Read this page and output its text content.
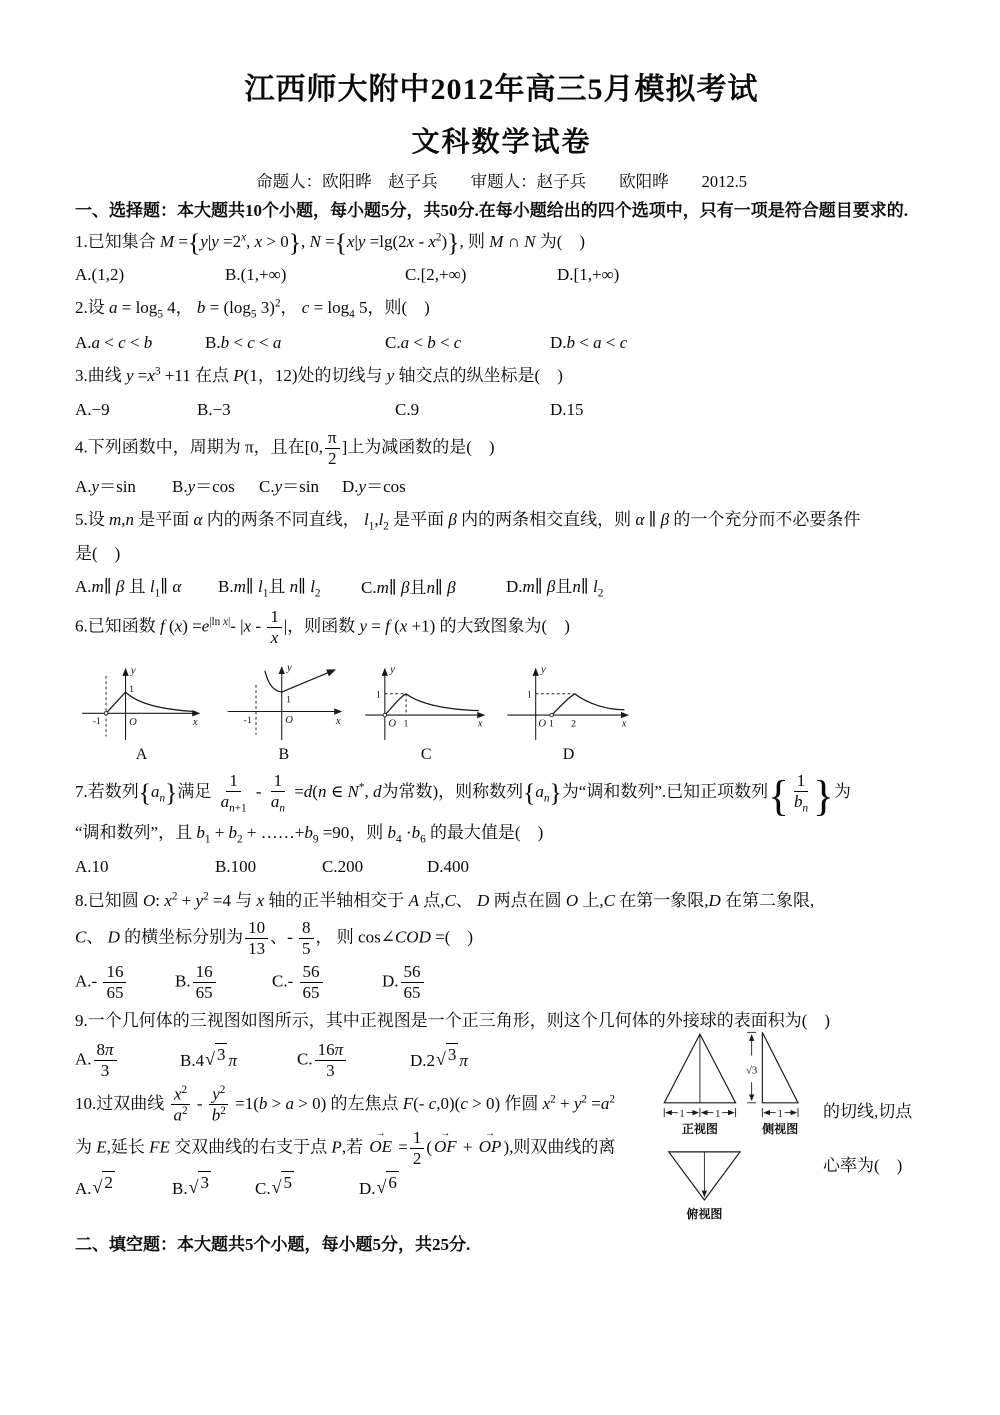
江西师大附中2012年高三5月模拟考试
文科数学试卷
命题人：欧阳晔　赵子兵　　审题人：赵子兵　　欧阳晔　　2012.5
一、选择题：本大题共10个小题，每小题5分，共50分.在每小题给出的四个选项中，只有一项是符合题目要求的.
1.已知集合 $M =\{y|y =2^x$, x > 0}, $N =\{x|y =\lg(2x - x^2)\}$, 则 M ∩ N 为(　)
A.(1,2)	B.(1,+∞)	C.[2,+∞)	D.[1,+∞)
2.设 $a = \log_5 4$， $b = (\log_5$ 3)$^2$， $c = \log_4 5$，则(　)
A.a < c < b	B.b < c < a	C.a < b < c	D.b < a < c
3.曲线 $y =x^3 +11$ 在点 P(1，12)处的切线与 y 轴交点的纵坐标是(　)
A.−9	B.−3	C.9	D.15
4.下列函数中，周期为 π，且在[0, $\frac{\pi}{2}$ ]上为减函数的是(　)
A.y＝sin	B.y＝cos	C.y＝sin	D.y＝cos
5.设 m,n 是平面 α 内的两条不同直线， $l_1,l_2$ 是平面 β 内的两条相交直线，则 α ∥ β 的一个充分而不必要条件
是(　)
A.m∥ β 且 $l_1\parallel$ α	B.m∥ $l_1$且 n∥ $l_2$	C.m∥ β且n∥ β	D.m∥ β且n∥ $l_2$
6.已知函数 f $(x) =e^{|ln x|}-$ $|x - \frac{1}{x}$ |，则函数 y = f (x +1) 的大致图象为(　)
y
x
O
1
-1
A
y
x
O
1
-1
B
y
x
O
1
1
C
y
x
O
1
1 2
D
7.若数列$\{a_n\}$满足 $\frac{1}{a_{n+1}} - \frac{1}{a_n} =d(n$ ∈ N*, d为常数)，则称数列$\{a_n\}$为“调和数列”.已知正项数列{ $\frac{1}{b_n}$ }为
“调和数列”，且 $b_1 + b_2$ + $\dots\dots+b_9 =90$，则 $b_4 \cdot b_6$ 的最大值是(　)
A.10	B.100	C.200	D.400
8.已知圆 O: $x^2 + y^2 =4$ 与 x 轴的正半轴相交于 A 点,C、 D 两点在圆 O 上,C 在第一象限,D 在第二象限,
C、 D 的横坐标分别为 $\frac{10}{13}$ 、- $\frac{8}{5}$ ， 则 cos∠COD =(　)
$A.- \frac{16}{65}$	B. $\frac{16}{65}$	$C.- \frac{56}{65}$	D. $\frac{56}{65}$
9.一个几何体的三视图如图所示，其中正视图是一个正三角形，则这个几何体的外接球的表面积为(　)
A. $\frac{8\pi}{3}$	B.4 √ 3 π	C. $\frac{16\pi}{3}$	D.2 √ 3 π
10.过双曲线 $\frac{x^2}{a^2} - \frac{y^2}{b^2} =1(b > a > 0)$ 的左焦点 F(- c,0)(c > 0) 作圆 $x^2 + y^2 =a^2$
为 E,延长 FE 交双曲线的右支于点 P,若 → OE = $\frac{1}{2}$ ( → OF + → OP ),则双曲线的离
A. √ 2	B. √ 3	C. √ 5	D. √ 6
的切线,切点
心率为(　)
1	1
正视图
√3
1
侧视图
俯视图
二、填空题：本大题共5个小题，每小题5分，共25分.
